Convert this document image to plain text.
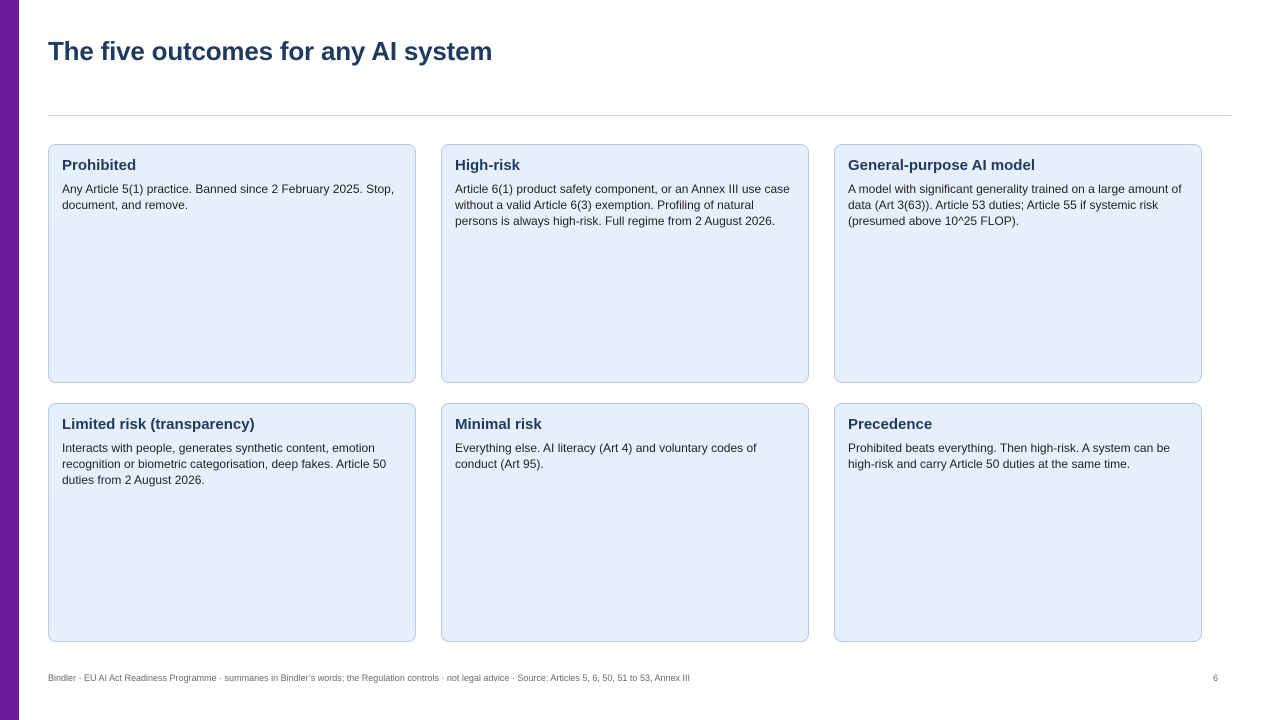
The five outcomes for any AI system
Prohibited

Any Article 5(1) practice. Banned since 2 February 2025. Stop, document, and remove.

High-risk

Article 6(1) product safety component, or an Annex III use case without a valid Article 6(3) exemption. Profiling of natural persons is always high-risk. Full regime from 2 August 2026.

General-purpose AI model

A model with significant generality trained on a large amount of data (Art 3(63)). Article 53 duties; Article 55 if systemic risk (presumed above 10^25 FLOP).

Limited risk (transparency)

Interacts with people, generates synthetic content, emotion recognition or biometric categorisation, deep fakes. Article 50 duties from 2 August 2026.

Minimal risk

Everything else. AI literacy (Art 4) and voluntary codes of conduct (Art 95).

Precedence

Prohibited beats everything. Then high-risk. A system can be high-risk and carry Article 50 duties at the same time.

Bindler · EU AI Act Readiness Programme · summaries in Bindler’s words; the Regulation controls · not legal advice · Source: Articles 5, 6, 50, 51 to 53, Annex III	6
